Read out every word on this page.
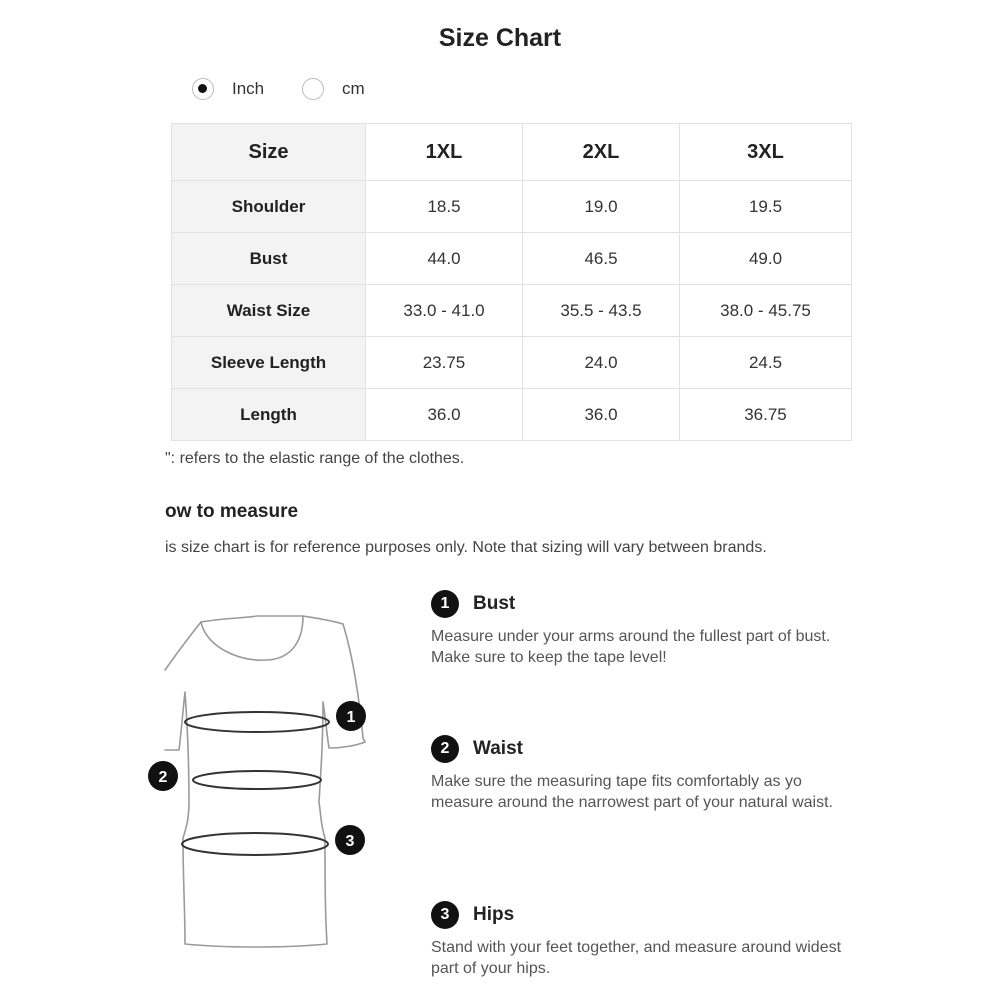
Size Chart
Inch	cm
Size	1XL	2XL	3XL
Shoulder	18.5	19.0	19.5
Bust	44.0	46.5	49.0
Waist Size	33.0 - 41.0	35.5 - 43.5	38.0 - 45.75
Sleeve Length	23.75	24.0	24.5
Length	36.0	36.0	36.75
": refers to the elastic range of the clothes.
ow to measure
is size chart is for reference purposes only. Note that sizing will vary between brands.
1
2
3
1	Bust
Measure under your arms around the fullest part of bust. Make sure to keep the tape level!
2	Waist
Make sure the measuring tape fits comfortably as yo measure around the narrowest part of your natural waist.
3	Hips
Stand with your feet together, and measure around widest part of your hips.
